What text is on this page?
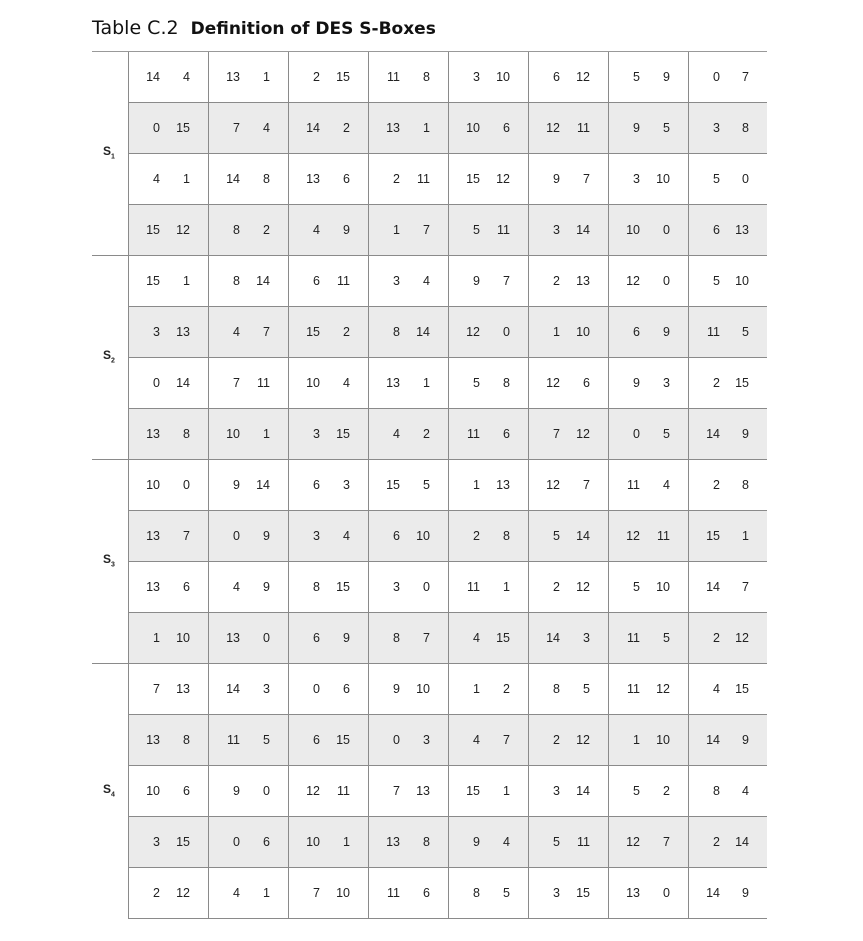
Table C.2 Definition of DES S-Boxes
14	4	13	1	2	15	11	8	3	10	6	12	5	9	0	7
0	15	7	4	14	2	13	1	10	6	12	11	9	5	3	8
4	1	14	8	13	6	2	11	15	12	9	7	3	10	5	0
15	12	8	2	4	9	1	7	5	11	3	14	10	0	6	13
$S_1$
15	1	8	14	6	11	3	4	9	7	2	13	12	0	5	10
3	13	4	7	15	2	8	14	12	0	1	10	6	9	11	5
0	14	7	11	10	4	13	1	5	8	12	6	9	3	2	15
13	8	10	1	3	15	4	2	11	6	7	12	0	5	14	9
$S_2$
10	0	9	14	6	3	15	5	1	13	12	7	11	4	2	8
13	7	0	9	3	4	6	10	2	8	5	14	12	11	15	1
13	6	4	9	8	15	3	0	11	1	2	12	5	10	14	7
1	10	13	0	6	9	8	7	4	15	14	3	11	5	2	12
$S_3$
7	13	14	3	0	6	9	10	1	2	8	5	11	12	4	15
13	8	11	5	6	15	0	3	4	7	2	12	1	10	14	9
10	6	9	0	12	11	7	13	15	1	3	14	5	2	8	4
3	15	0	6	10	1	13	8	9	4	5	11	12	7	2	14
2	12	4	1	7	10	11	6	8	5	3	15	13	0	14	9
$S_4$
